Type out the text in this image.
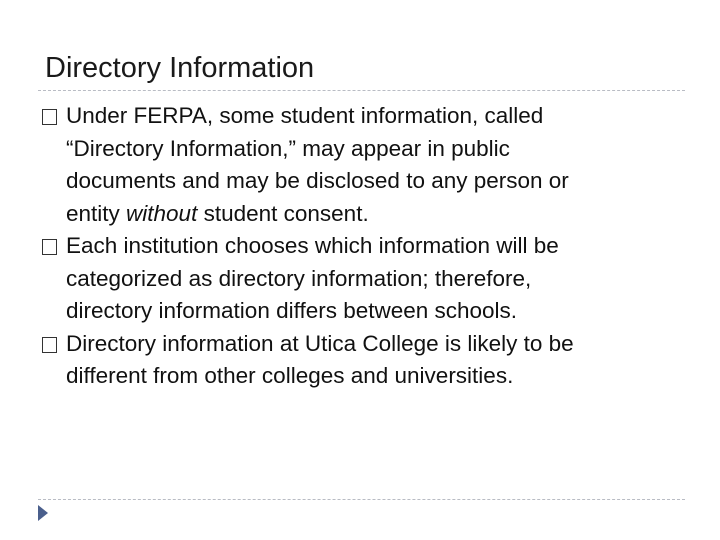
Directory Information
Under FERPA, some student information, called
“Directory Information,” may appear in public
documents and may be disclosed to any person or
entity without student consent.
Each institution chooses which information will be
categorized as directory information; therefore,
directory information differs between schools.
Directory information at Utica College is likely to be
different from other colleges and universities.
